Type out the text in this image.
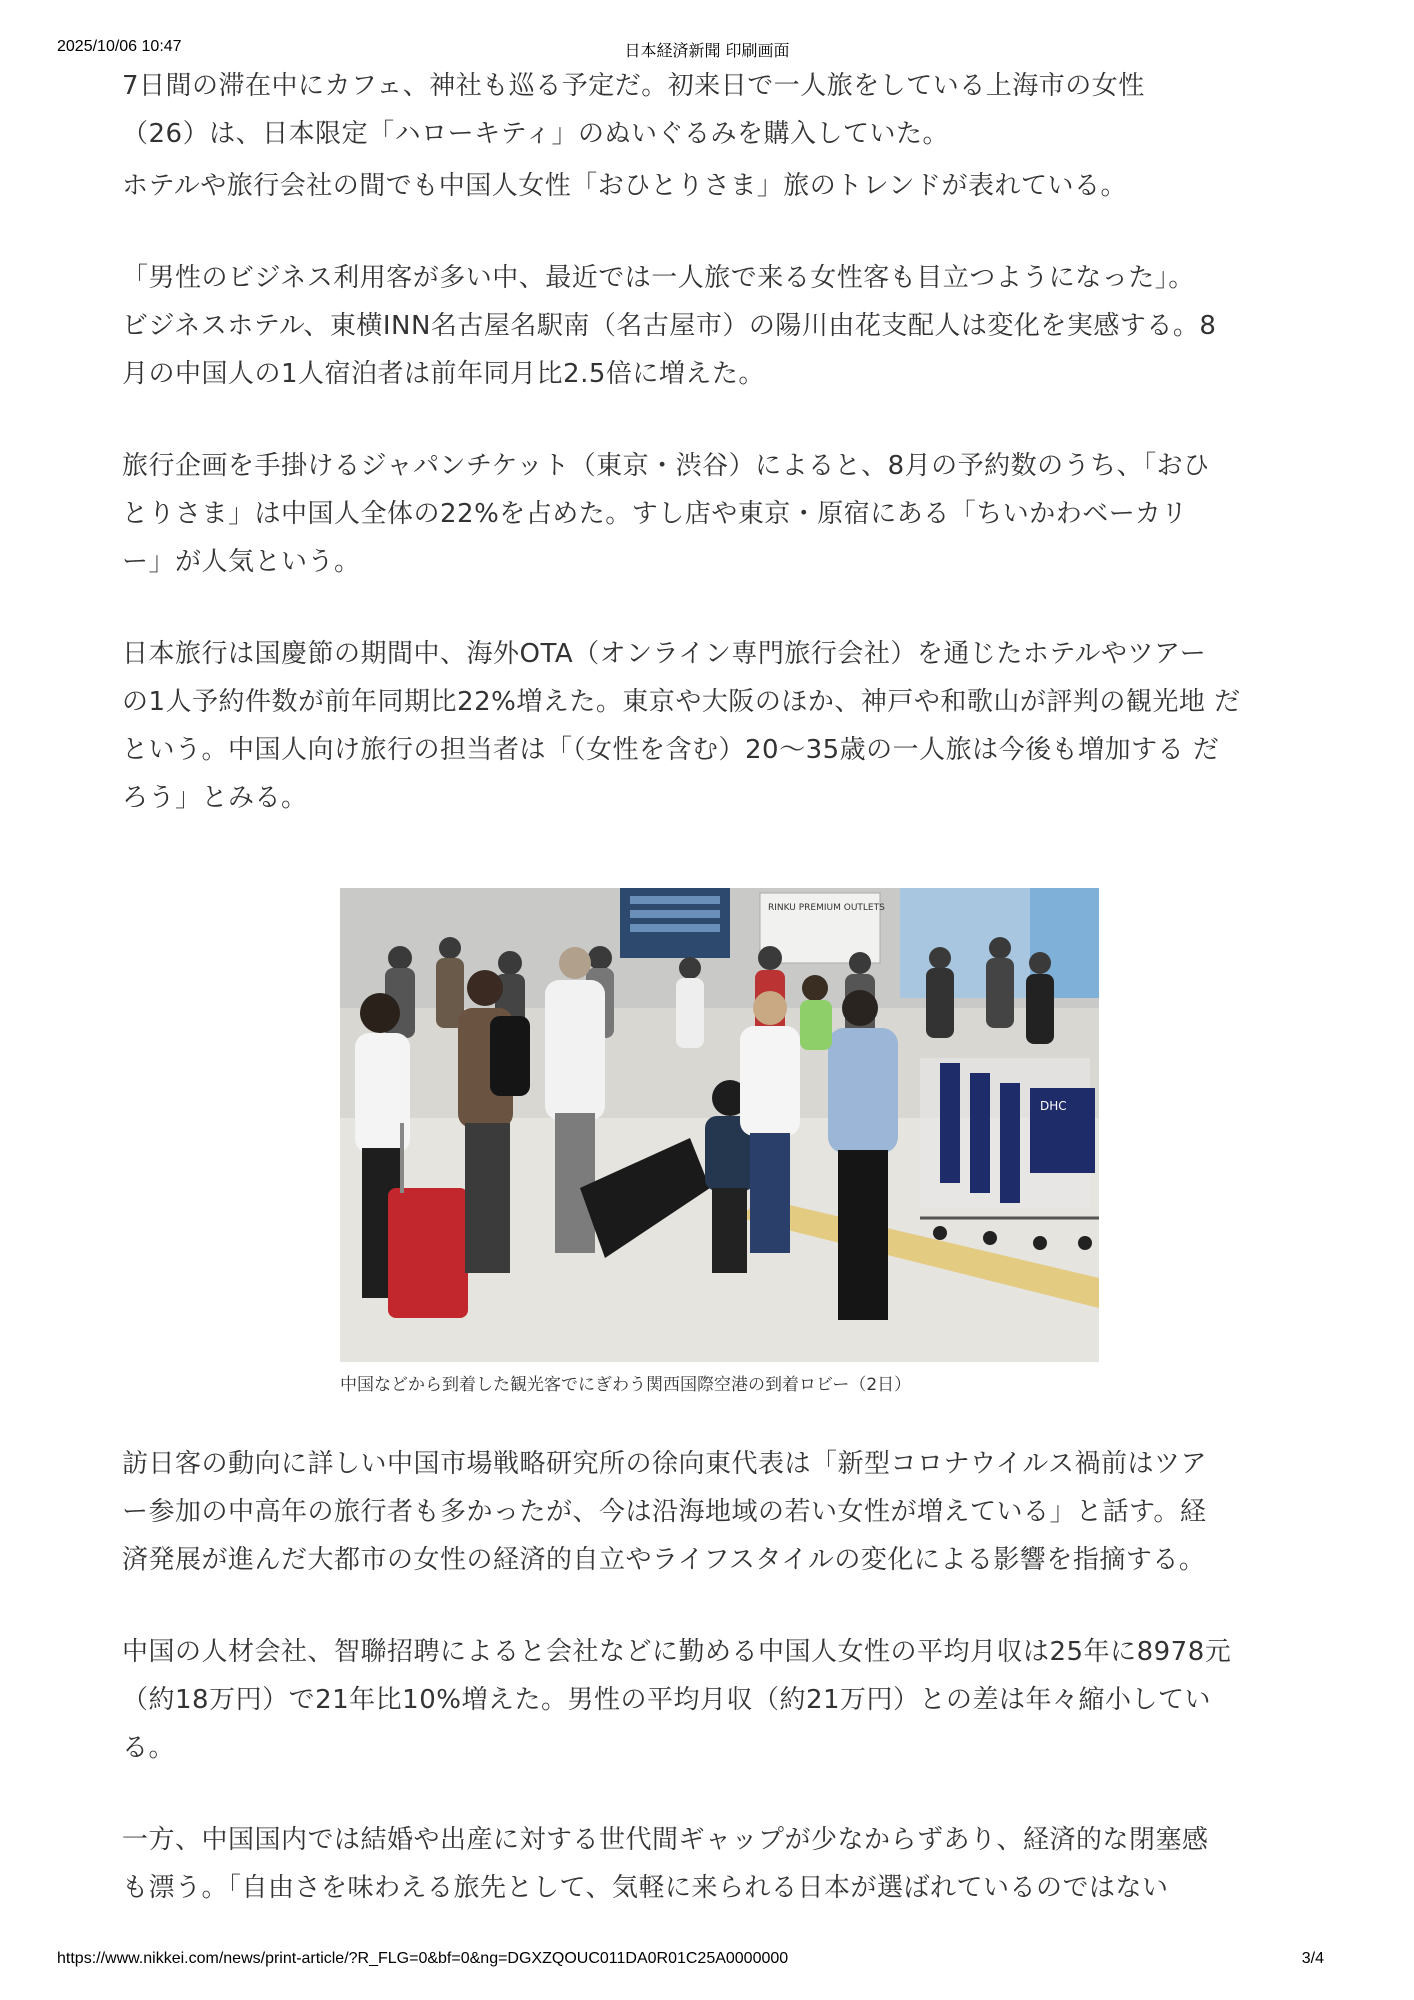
2025/10/06 10:47	日本経済新聞 印刷画面

7日間の滞在中にカフェ、神社も巡る予定だ。初来日で一人旅をしている上海市の女性
（26）は、日本限定「ハローキティ」のぬいぐるみを購入していた。

ホテルや旅行会社の間でも中国人女性「おひとりさま」旅のトレンドが表れている。

「男性のビジネス利用客が多い中、最近では一人旅で来る女性客も目立つようになった」。
ビジネスホテル、東横INN名古屋名駅南（名古屋市）の陽川由花支配人は変化を実感する。8
月の中国人の1人宿泊者は前年同月比2.5倍に増えた。

旅行企画を手掛けるジャパンチケット（東京・渋谷）によると、8月の予約数のうち、「おひ
とりさま」は中国人全体の22%を占めた。すし店や東京・原宿にある「ちいかわベーカリ
ー」が人気という。

日本旅行は国慶節の期間中、海外OTA（オンライン専門旅行会社）を通じたホテルやツアー
の1人予約件数が前年同期比22%増えた。東京や大阪のほか、神戸や和歌山が評判の観光地 だ
という。中国人向け旅行の担当者は「（女性を含む）20～35歳の一人旅は今後も増加する だ
ろう」とみる。

RINKU PREMIUM OUTLETS
DHC
中国などから到着した観光客でにぎわう関西国際空港の到着ロビー（2日）

訪日客の動向に詳しい中国市場戦略研究所の徐向東代表は「新型コロナウイルス禍前はツア
ー参加の中高年の旅行者も多かったが、今は沿海地域の若い女性が増えている」と話す。経
済発展が進んだ大都市の女性の経済的自立やライフスタイルの変化による影響を指摘する。

中国の人材会社、智聯招聘によると会社などに勤める中国人女性の平均月収は25年に8978元
（約18万円）で21年比10%増えた。男性の平均月収（約21万円）との差は年々縮小してい
る。

一方、中国国内では結婚や出産に対する世代間ギャップが少なからずあり、経済的な閉塞感
も漂う。「自由さを味わえる旅先として、気軽に来られる日本が選ばれているのではない

https://www.nikkei.com/news/print-article/?R_FLG=0&bf=0&ng=DGXZQOUC011DA0R01C25A0000000	3/4
